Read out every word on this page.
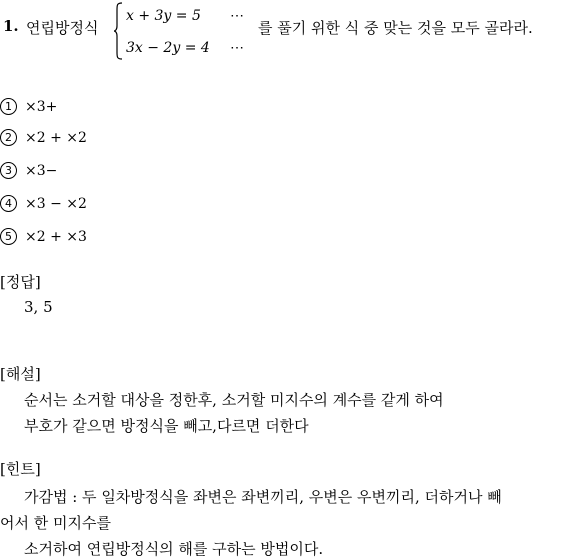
1. 연립방정식
x + 3y = 5 ⋯
3x − 2y = 4 ⋯
를 풀기 위한 식 중 맞는 것을 모두 골라라.
1 ×3+
2 ×2 + ×2
3 ×3−
4 ×3 − ×2
5 ×2 + ×3
[정답]
3, 5
[해설]
순서는 소거할 대상을 정한후, 소거할 미지수의 계수를 같게 하여
부호가 같으면 방정식을 빼고,다르면 더한다
[힌트]
가감법 : 두 일차방정식을 좌변은 좌변끼리, 우변은 우변끼리, 더하거나 빼
어서 한 미지수를
소거하여 연립방정식의 해를 구하는 방법이다.
